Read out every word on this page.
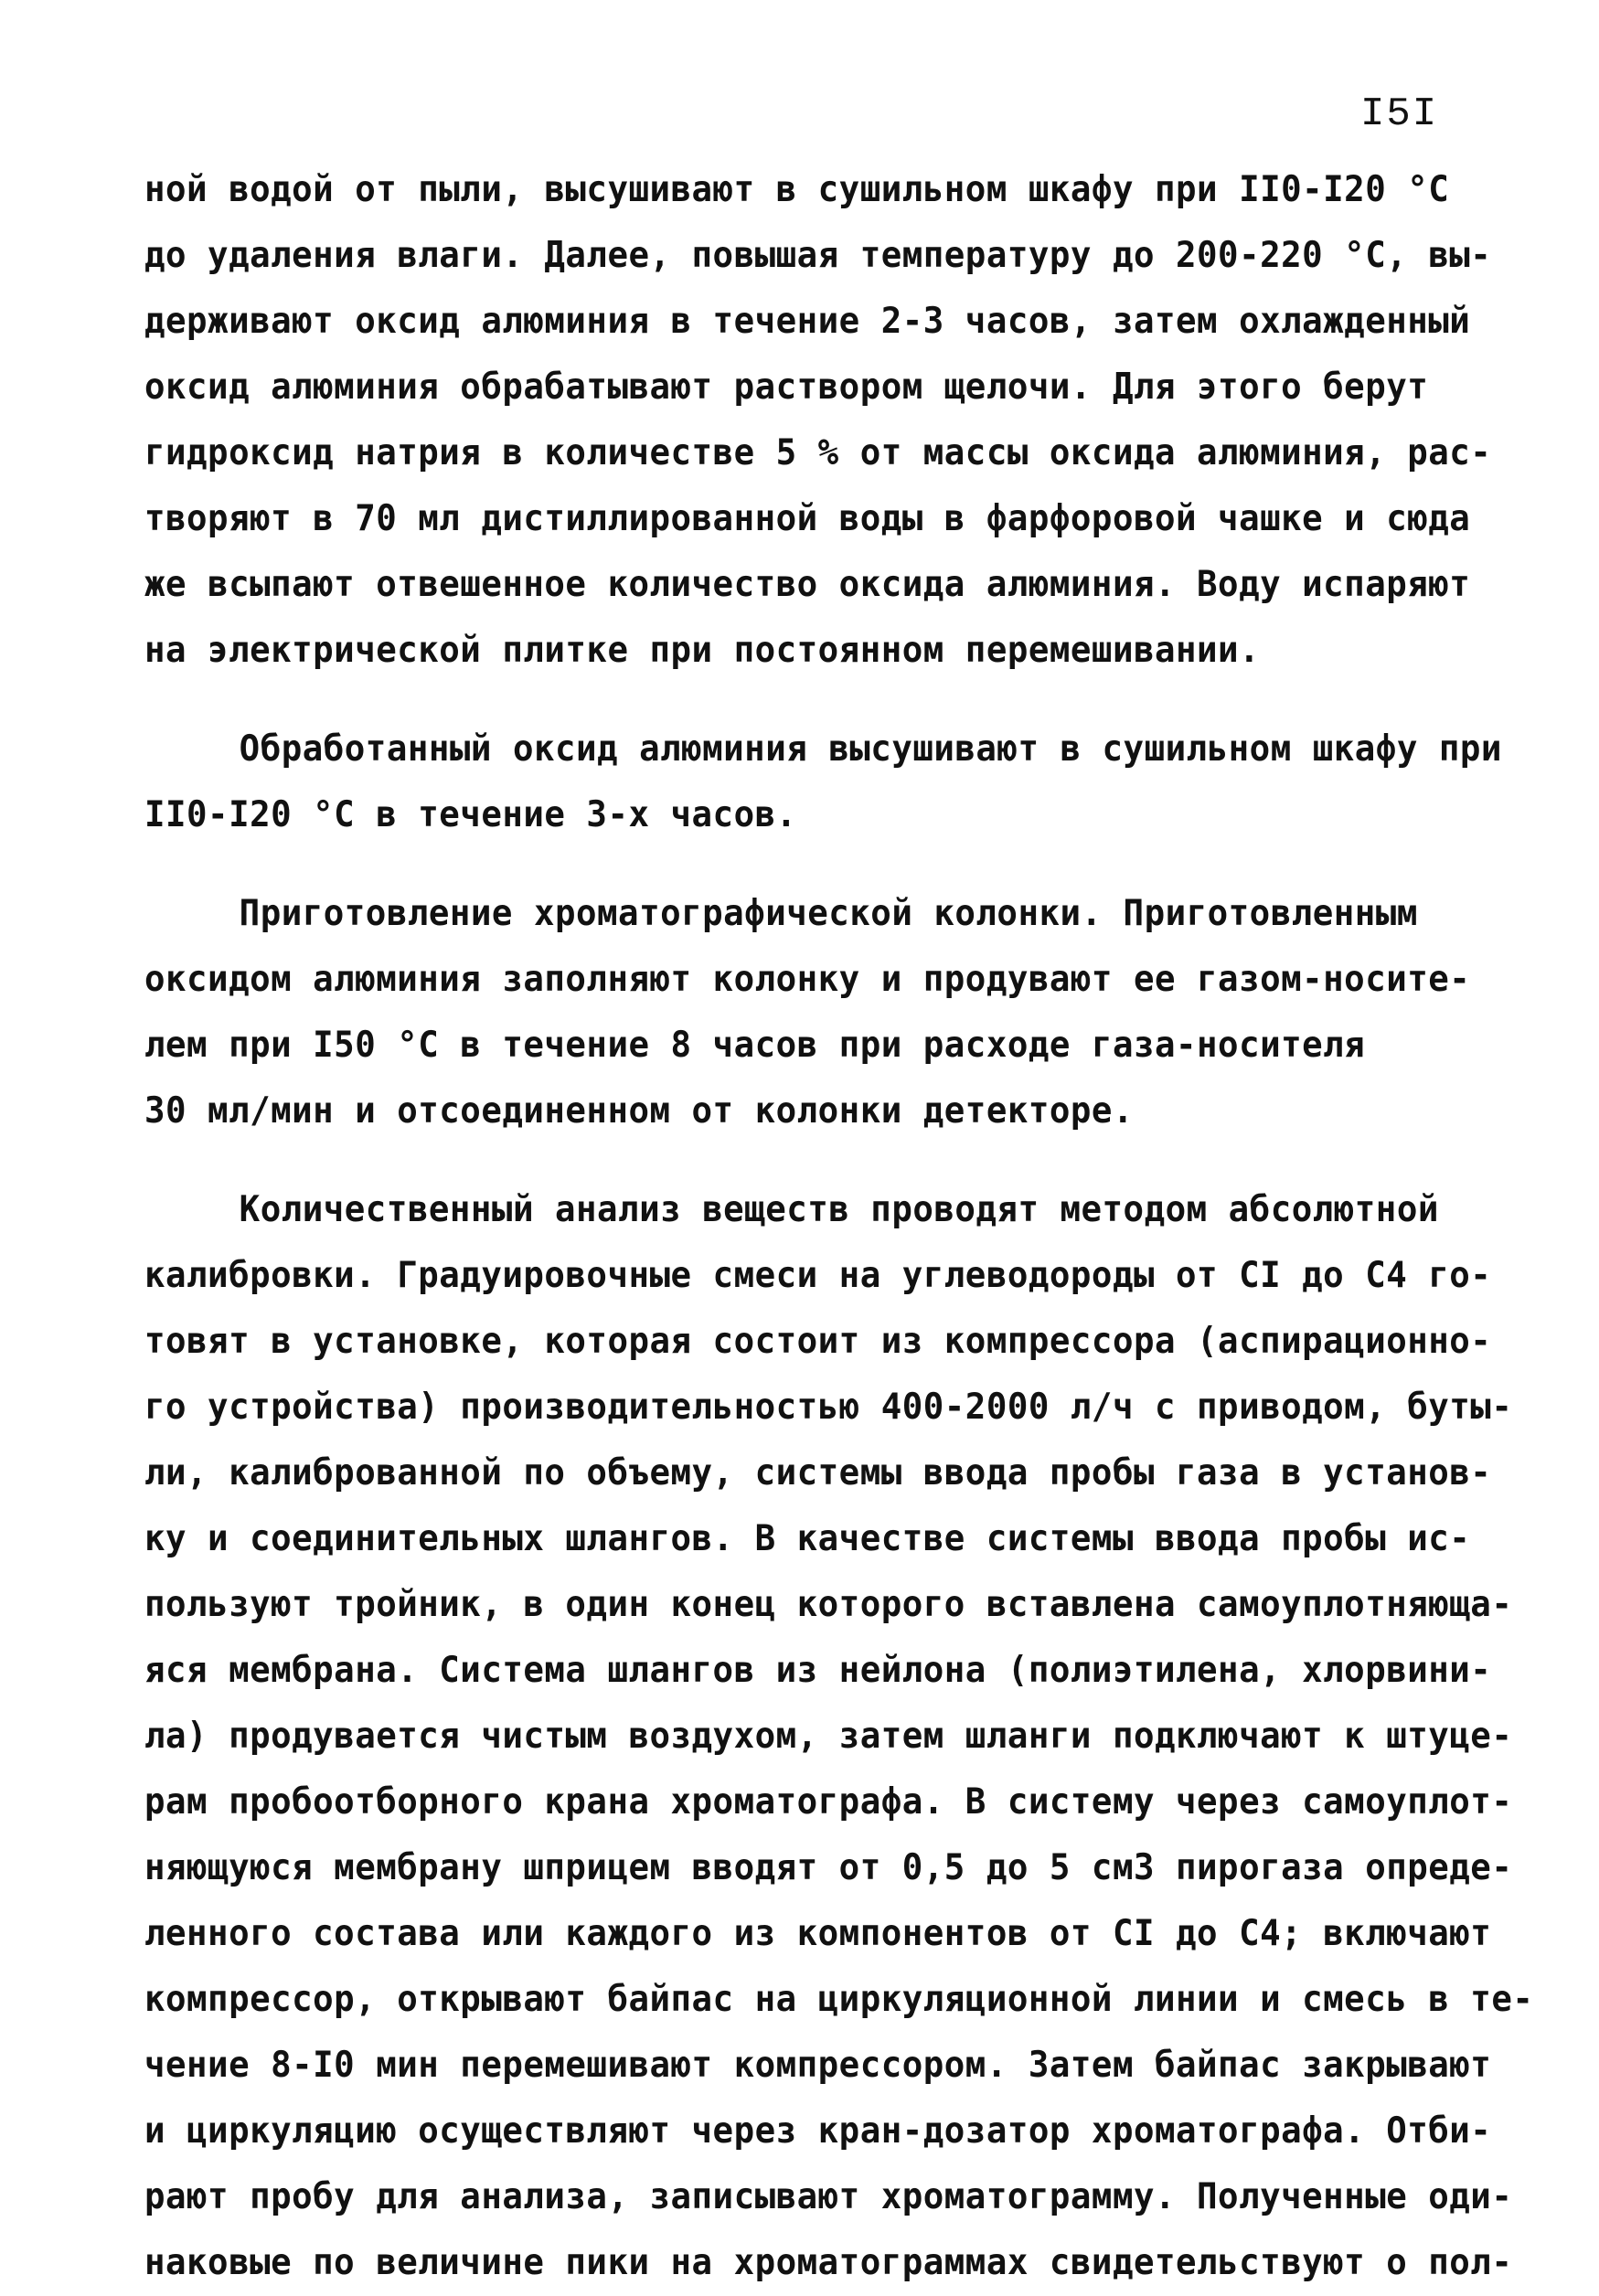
I5I
ной водой от пыли, высушивают в сушильном шкафу при II0-I20 °C
до удаления влаги. Далее, повышая температуру до 200-220 °C, вы-
держивают оксид алюминия в течение 2-3 часов, затем охлажденный
оксид алюминия обрабатывают раствором щелочи. Для этого берут
гидроксид натрия в количестве 5 % от массы оксида алюминия, рас-
творяют в 70 мл дистиллированной воды в фарфоровой чашке и сюда
же всыпают отвешенное количество оксида алюминия. Воду испаряют
на электрической плитке при постоянном перемешивании.
Обработанный оксид алюминия высушивают в сушильном шкафу при
II0-I20 °C в течение 3-х часов.
Приготовление хроматографической колонки. Приготовленным
оксидом алюминия заполняют колонку и продувают ее газом-носите-
лем при I50 °C в течение 8 часов при расходе газа-носителя
30 мл/мин и отсоединенном от колонки детекторе.
Количественный анализ веществ проводят методом абсолютной
калибровки. Градуировочные смеси на углеводороды от CI до C4 го-
товят в установке, которая состоит из компрессора (аспирационно-
го устройства) производительностью 400-2000 л/ч с приводом, буты-
ли, калиброванной по объему, системы ввода пробы газа в установ-
ку и соединительных шлангов. В качестве системы ввода пробы ис-
пользуют тройник, в один конец которого вставлена самоуплотняюща-
яся мембрана. Система шлангов из нейлона (полиэтилена, хлорвини-
ла) продувается чистым воздухом, затем шланги подключают к штуце-
рам пробоотборного крана хроматографа. В систему через самоуплот-
няющуюся мембрану шприцем вводят от 0,5 до 5 см3 пирогаза опреде-
ленного состава или каждого из компонентов от CI до C4; включают
компрессор, открывают байпас на циркуляционной линии и смесь в те-
чение 8-I0 мин перемешивают компрессором. Затем байпас закрывают
и циркуляцию осуществляют через кран-дозатор хроматографа. Отби-
рают пробу для анализа, записывают хроматограмму. Полученные оди-
наковые по величине пики на хроматограммах свидетельствуют о пол-
